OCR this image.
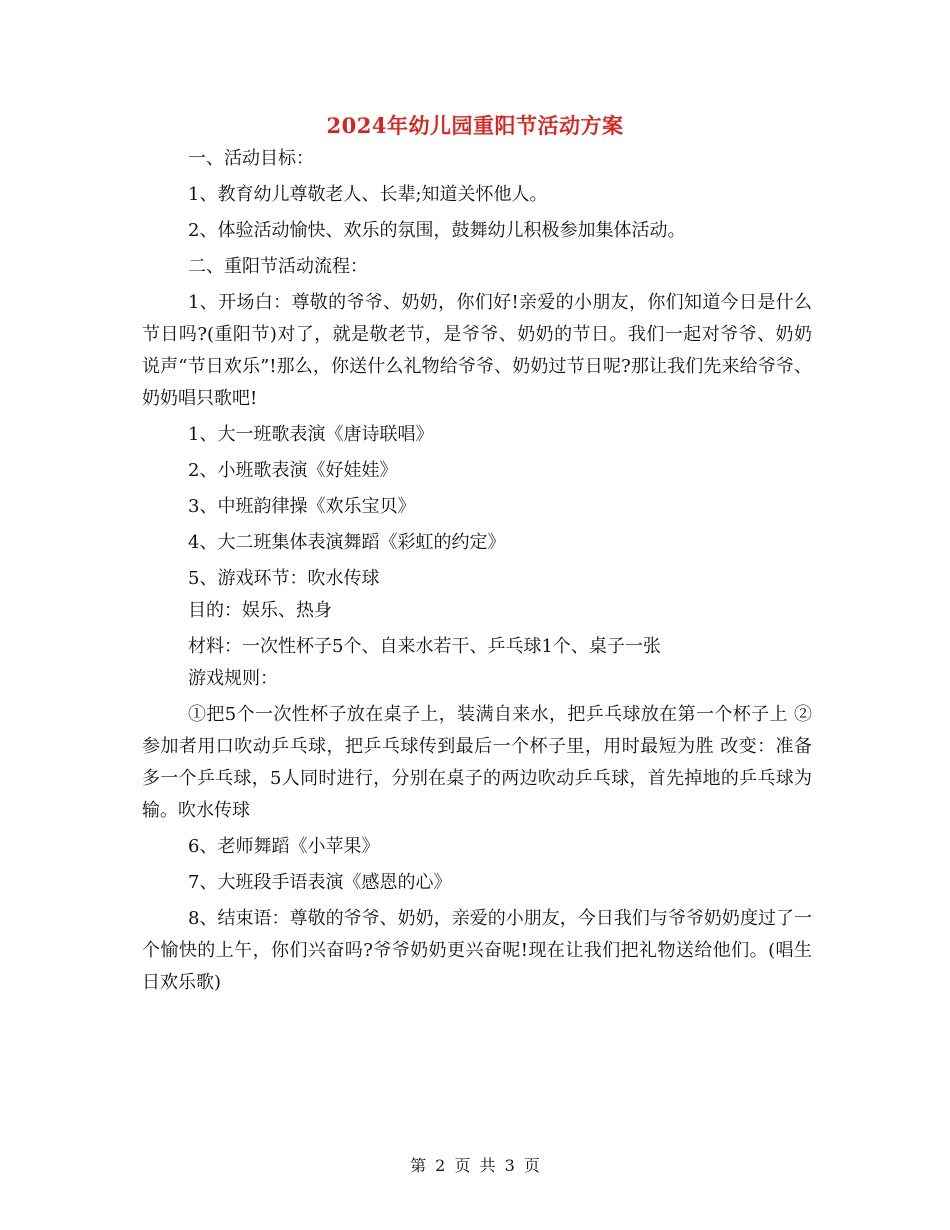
2024年幼儿园重阳节活动方案

一、活动目标：

1、教育幼儿尊敬老人、长辈;知道关怀他人。

2、体验活动愉快、欢乐的氛围，鼓舞幼儿积极参加集体活动。

二、重阳节活动流程：

1、开场白：尊敬的爷爷、奶奶，你们好!亲爱的小朋友，你们知道今日是什么节日吗?(重阳节)对了，就是敬老节，是爷爷、奶奶的节日。我们一起对爷爷、奶奶说声“节日欢乐”!那么，你送什么礼物给爷爷、奶奶过节日呢?那让我们先来给爷爷、奶奶唱只歌吧!

1、大一班歌表演《唐诗联唱》

2、小班歌表演《好娃娃》

3、中班韵律操《欢乐宝贝》

4、大二班集体表演舞蹈《彩虹的约定》

5、游戏环节：吹水传球

目的：娱乐、热身

材料：一次性杯子5个、自来水若干、乒乓球1个、桌子一张

游戏规则：

①把5个一次性杯子放在桌子上，装满自来水，把乒乓球放在第一个杯子上 ②参加者用口吹动乒乓球，把乒乓球传到最后一个杯子里，用时最短为胜 改变：准备多一个乒乓球，5人同时进行，分别在桌子的两边吹动乒乓球，首先掉地的乒乓球为输。吹水传球

6、老师舞蹈《小苹果》

7、大班段手语表演《感恩的心》

8、结束语：尊敬的爷爷、奶奶，亲爱的小朋友，今日我们与爷爷奶奶度过了一个愉快的上午，你们兴奋吗?爷爷奶奶更兴奋呢!现在让我们把礼物送给他们。(唱生日欢乐歌)

第 2 页 共 3 页
